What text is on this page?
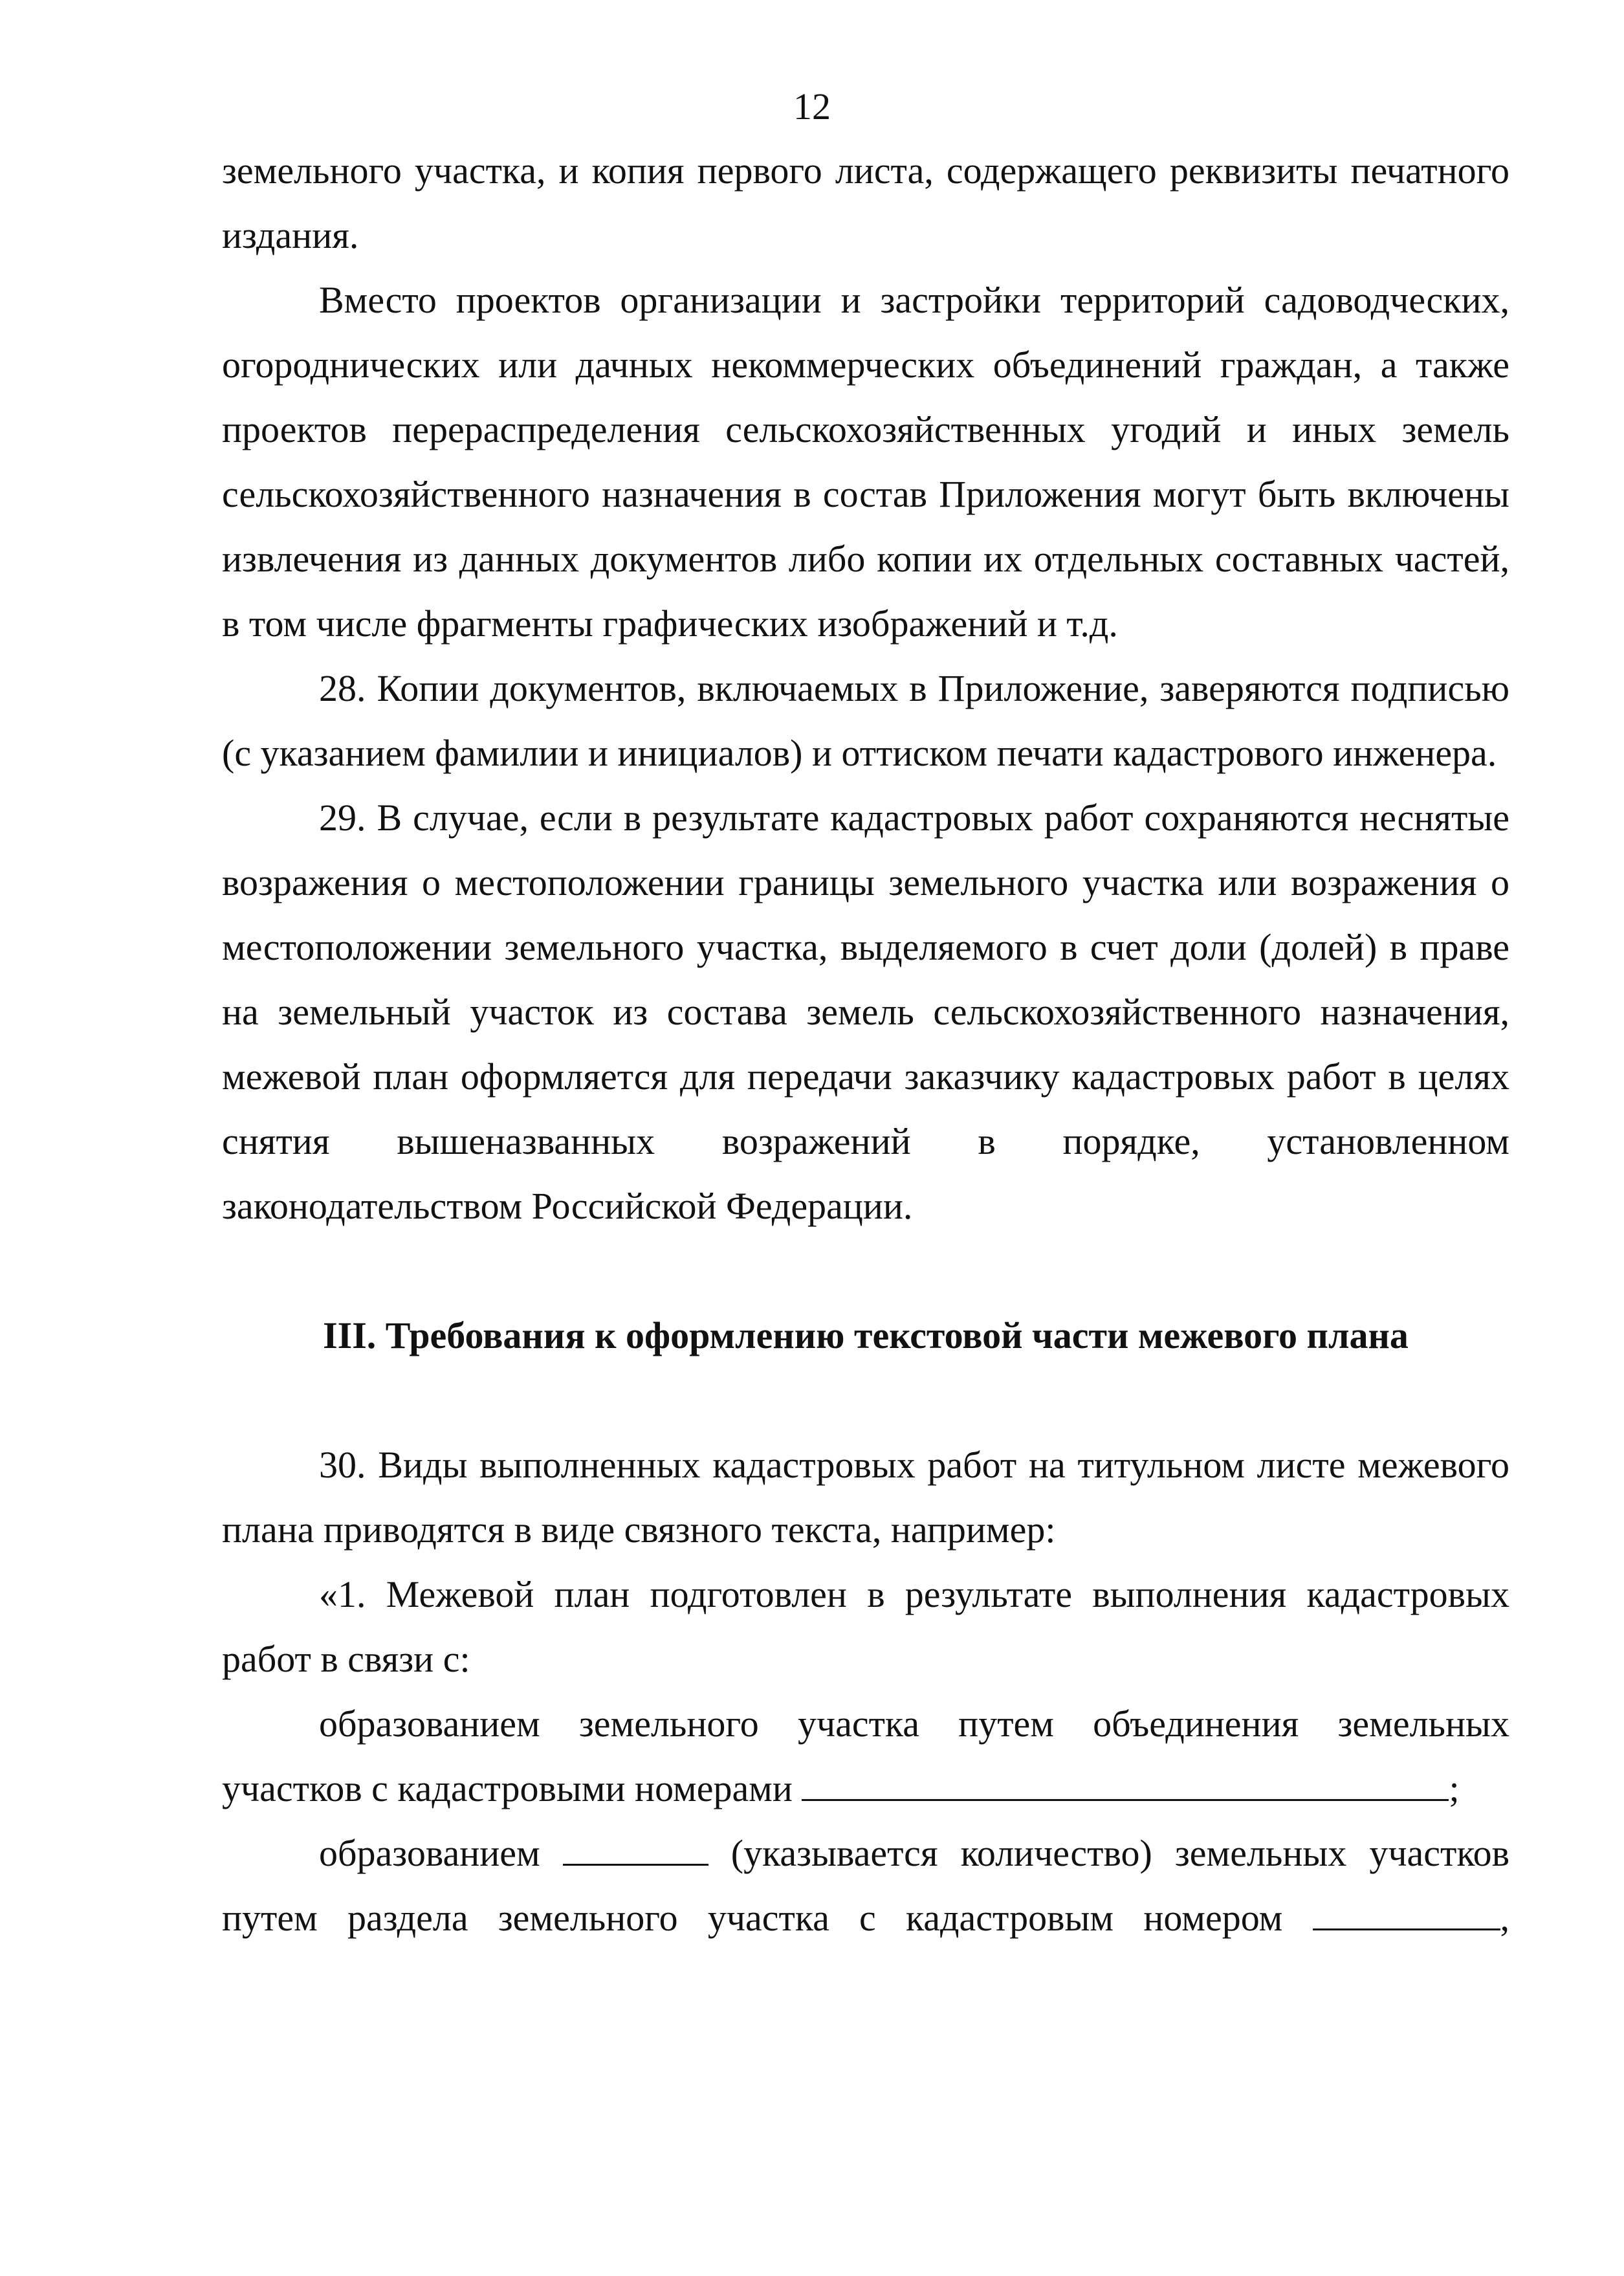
12

земельного участка, и копия первого листа, содержащего реквизиты печатного издания.

Вместо проектов организации и застройки территорий садоводческих, огороднических или дачных некоммерческих объединений граждан, а также проектов перераспределения сельскохозяйственных угодий и иных земель сельскохозяйственного назначения в состав Приложения могут быть включены извлечения из данных документов либо копии их отдельных составных частей, в том числе фрагменты графических изображений и т.д.

28. Копии документов, включаемых в Приложение, заверяются подписью (с указанием фамилии и инициалов) и оттиском печати кадастрового инженера.

29. В случае, если в результате кадастровых работ сохраняются неснятые возражения о местоположении границы земельного участка или возражения о местоположении земельного участка, выделяемого в счет доли (долей) в праве на земельный участок из состава земель сельскохозяйственного назначения, межевой план оформляется для передачи заказчику кадастровых работ в целях снятия вышеназванных возражений в порядке, установленном законодательством Российской Федерации.

III. Требования к оформлению текстовой части межевого плана

30. Виды выполненных кадастровых работ на титульном листе межевого плана приводятся в виде связного текста, например:

«1. Межевой план подготовлен в результате выполнения кадастровых работ в связи с:

образованием земельного участка путем объединения земельных участков с кадастровыми номерами	;

образованием	(указывается количество) земельных участков путем раздела земельного участка с кадастровым номером	,
